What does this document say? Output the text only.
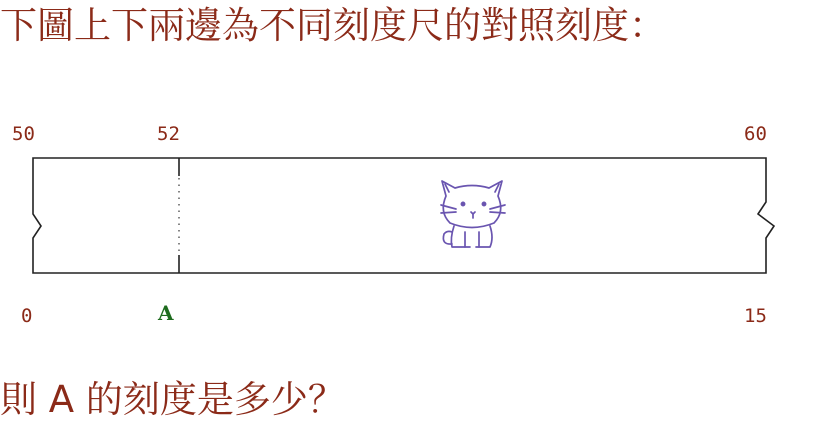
下圖上下兩邊為不同刻度尺的對照刻度：
50	52	60
0	A	15
則 A 的刻度是多少？
